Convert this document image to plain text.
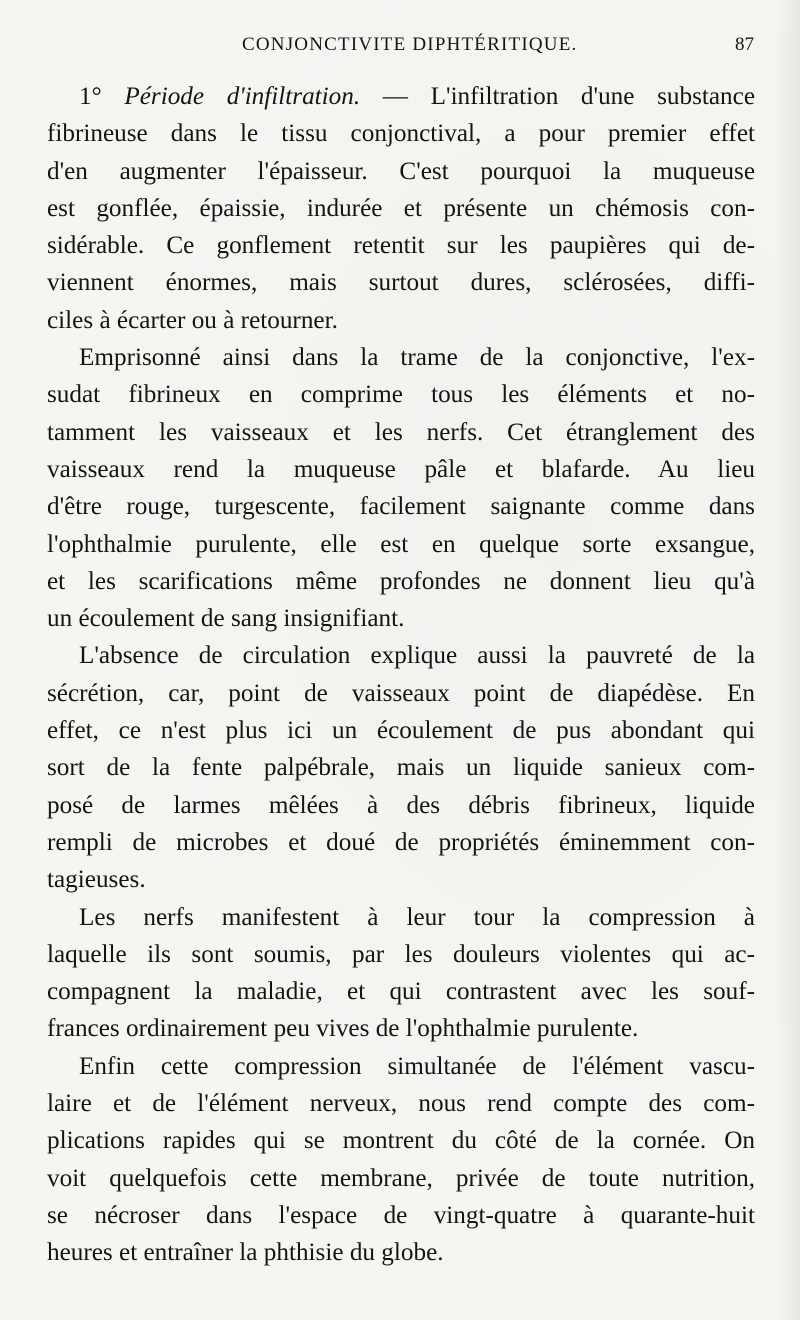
CONJONCTIVITE DIPHTÉRITIQUE.	87
1° Période d'infiltration. — L'infiltration d'une substance
fibrineuse dans le tissu conjonctival, a pour premier effet
d'en augmenter l'épaisseur. C'est pourquoi la muqueuse
est gonflée, épaissie, indurée et présente un chémosis con-
sidérable. Ce gonflement retentit sur les paupières qui de-
viennent énormes, mais surtout dures, sclérosées, diffi-
ciles à écarter ou à retourner.
Emprisonné ainsi dans la trame de la conjonctive, l'ex-
sudat fibrineux en comprime tous les éléments et no-
tamment les vaisseaux et les nerfs. Cet étranglement des
vaisseaux rend la muqueuse pâle et blafarde. Au lieu
d'être rouge, turgescente, facilement saignante comme dans
l'ophthalmie purulente, elle est en quelque sorte exsangue,
et les scarifications même profondes ne donnent lieu qu'à
un écoulement de sang insignifiant.
L'absence de circulation explique aussi la pauvreté de la
sécrétion, car, point de vaisseaux point de diapédèse. En
effet, ce n'est plus ici un écoulement de pus abondant qui
sort de la fente palpébrale, mais un liquide sanieux com-
posé de larmes mêlées à des débris fibrineux, liquide
rempli de microbes et doué de propriétés éminemment con-
tagieuses.
Les nerfs manifestent à leur tour la compression à
laquelle ils sont soumis, par les douleurs violentes qui ac-
compagnent la maladie, et qui contrastent avec les souf-
frances ordinairement peu vives de l'ophthalmie purulente.
Enfin cette compression simultanée de l'élément vascu-
laire et de l'élément nerveux, nous rend compte des com-
plications rapides qui se montrent du côté de la cornée. On
voit quelquefois cette membrane, privée de toute nutrition,
se nécroser dans l'espace de vingt-quatre à quarante-huit
heures et entraîner la phthisie du globe.
